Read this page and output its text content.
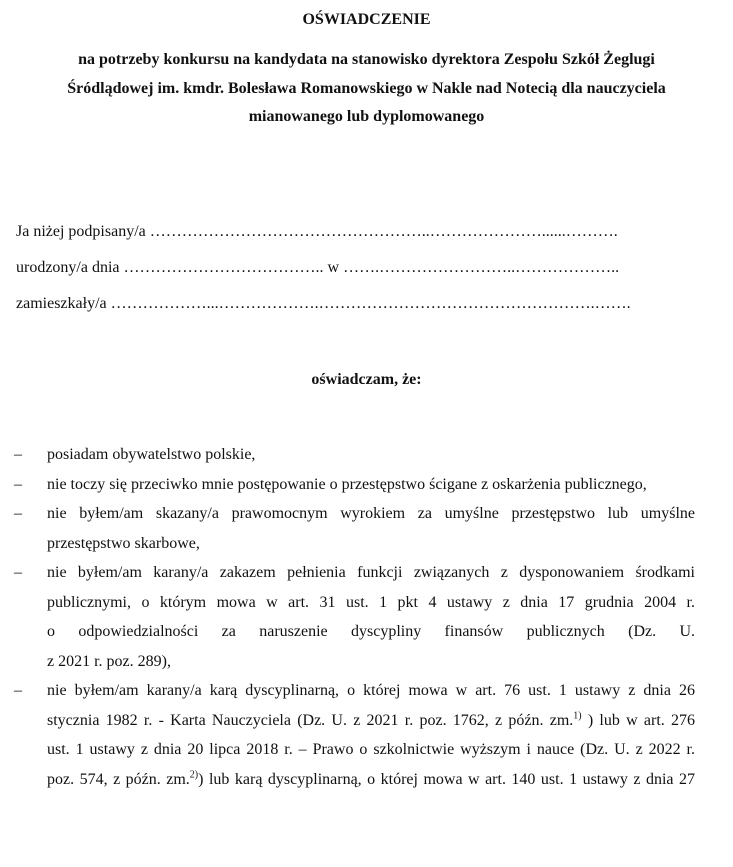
OŚWIADCZENIE
na potrzeby konkursu na kandydata na stanowisko dyrektora Zespołu Szkół Żeglugi
Śródlądowej im. kmdr. Bolesława Romanowskiego w Nakle nad Notecią dla nauczyciela
mianowanego lub dyplomowanego
Ja niżej podpisany/a ……………………………………………..…………………......……….
urodzony/a dnia ……………………………….. w …….……………………..………………..
zamieszkały/a ………………...……………….…………………………………………….…….
oświadczam, że:
– posiadam obywatelstwo polskie,
– nie toczy się przeciwko mnie postępowanie o przestępstwo ścigane z oskarżenia publicznego,
– nie byłem/am skazany/a prawomocnym wyrokiem za umyślne przestępstwo lub umyślne
przestępstwo skarbowe,
– nie byłem/am karany/a zakazem pełnienia funkcji związanych z dysponowaniem środkami
publicznymi, o którym mowa w art. 31 ust. 1 pkt 4 ustawy z dnia 17 grudnia 2004 r.
o odpowiedzialności za naruszenie dyscypliny finansów publicznych (Dz. U.
z 2021 r. poz. 289),
– nie byłem/am karany/a karą dyscyplinarną, o której mowa w art. 76 ust. 1 ustawy z dnia 26
stycznia 1982 r. - Karta Nauczyciela (Dz. U. z 2021 r. poz. 1762, z późn. zm.$^{1)}$ ) lub w art. 276
ust. 1 ustawy z dnia 20 lipca 2018 r. – Prawo o szkolnictwie wyższym i nauce (Dz. U. z 2022 r.
poz. 574, z późn. zm.$^{2)}$) lub karą dyscyplinarną, o której mowa w art. 140 ust. 1 ustawy z dnia 27
